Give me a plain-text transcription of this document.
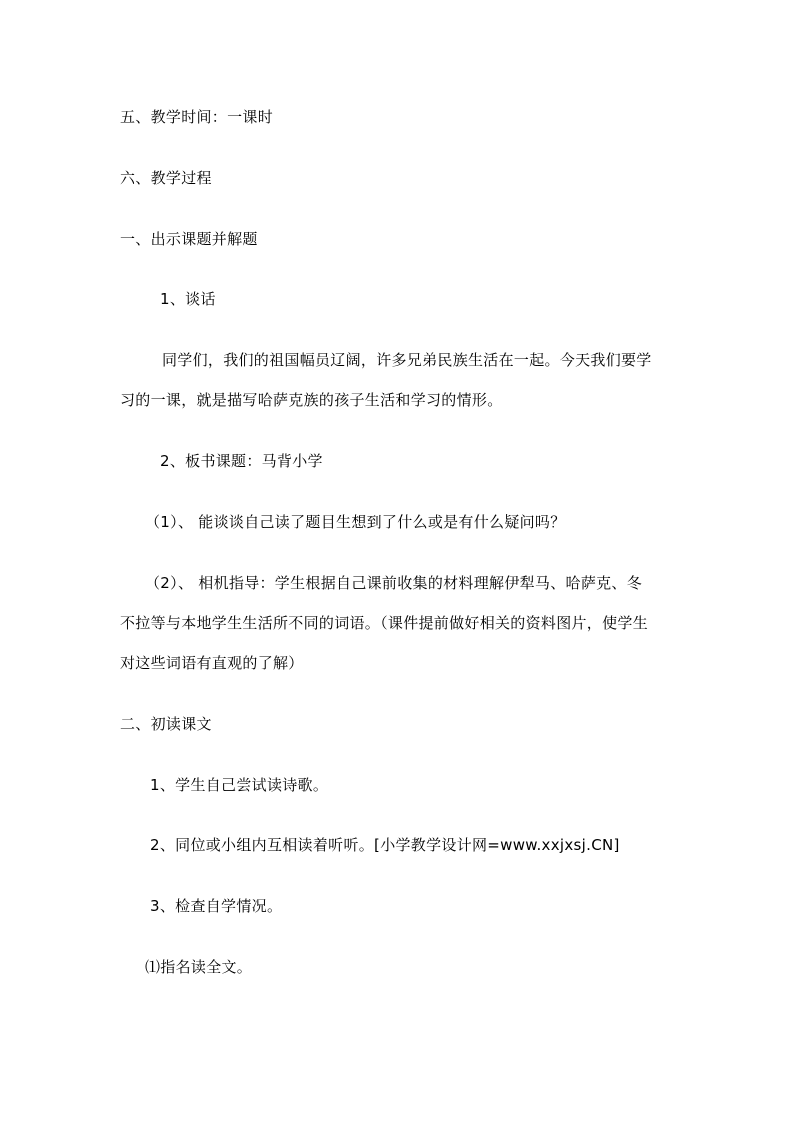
五、教学时间：一课时
六、教学过程
一、出示课题并解题
1、谈话
同学们，我们的祖国幅员辽阔，许多兄弟民族生活在一起。今天我们要学
习的一课，就是描写哈萨克族的孩子生活和学习的情形。
2、板书课题：马背小学
（1）、 能谈谈自己读了题目生想到了什么或是有什么疑问吗？
（2）、 相机指导：学生根据自己课前收集的材料理解伊犁马、哈萨克、冬
不拉等与本地学生生活所不同的词语。（课件提前做好相关的资料图片，使学生
对这些词语有直观的了解）
二、初读课文
1、学生自己尝试读诗歌。
2、同位或小组内互相读着听听。[小学教学设计网=www.xxjxsj.CN]
3、检查自学情况。
⑴指名读全文。
